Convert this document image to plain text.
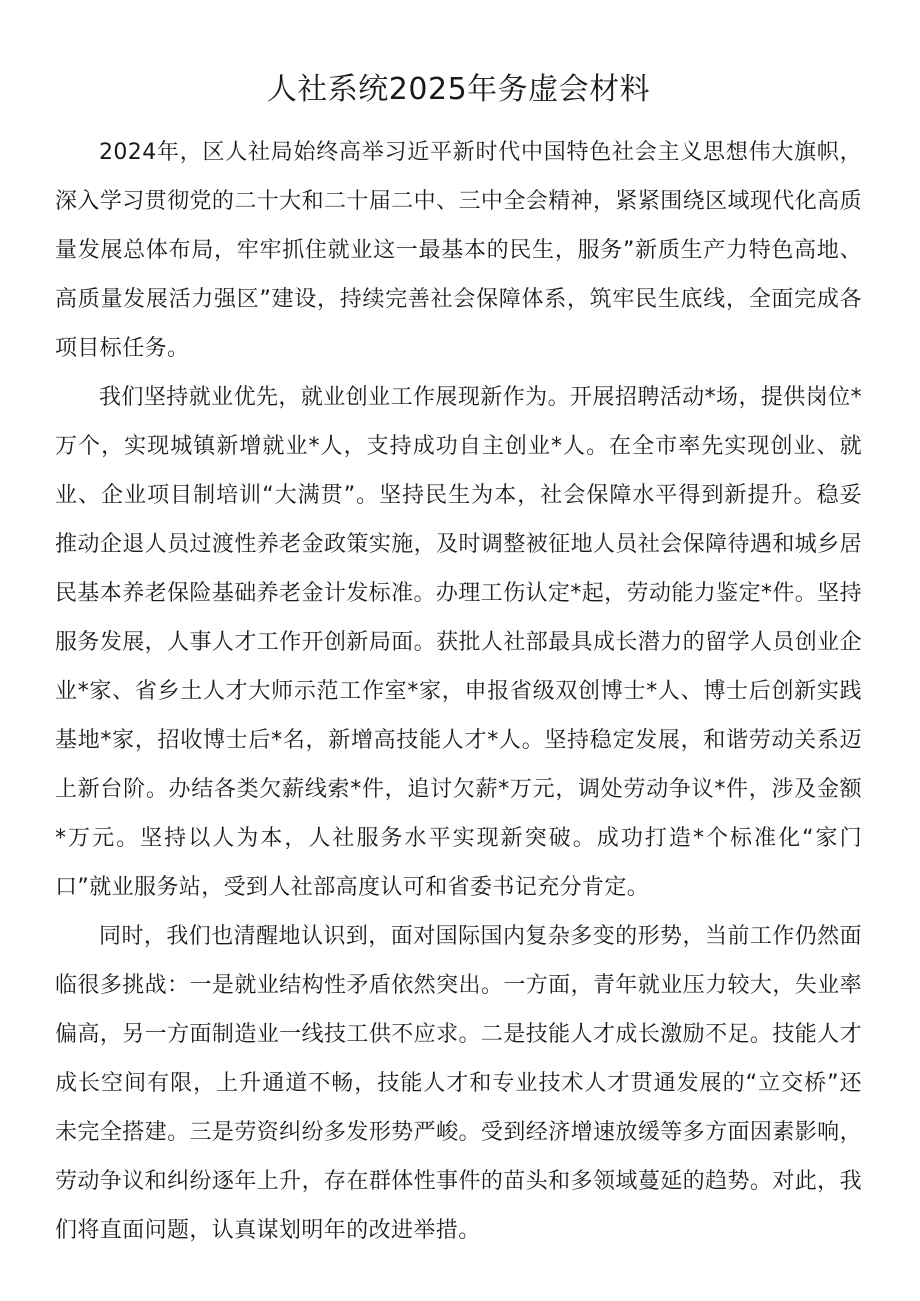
人社系统2025年务虚会材料

2024年，区人社局始终高举习近平新时代中国特色社会主义思想伟大旗帜，深入学习贯彻党的二十大和二十届二中、三中全会精神，紧紧围绕区域现代化高质量发展总体布局，牢牢抓住就业这一最基本的民生，服务”新质生产力特色高地、高质量发展活力强区”建设，持续完善社会保障体系，筑牢民生底线，全面完成各项目标任务。

我们坚持就业优先，就业创业工作展现新作为。开展招聘活动*场，提供岗位*万个，实现城镇新增就业*人，支持成功自主创业*人。在全市率先实现创业、就业、企业项目制培训“大满贯”。坚持民生为本，社会保障水平得到新提升。稳妥推动企退人员过渡性养老金政策实施，及时调整被征地人员社会保障待遇和城乡居民基本养老保险基础养老金计发标准。办理工伤认定*起，劳动能力鉴定*件。坚持服务发展，人事人才工作开创新局面。获批人社部最具成长潜力的留学人员创业企业*家、省乡土人才大师示范工作室*家，申报省级双创博士*人、博士后创新实践基地*家，招收博士后*名，新增高技能人才*人。坚持稳定发展，和谐劳动关系迈上新台阶。办结各类欠薪线索*件，追讨欠薪*万元，调处劳动争议*件，涉及金额*万元。坚持以人为本，人社服务水平实现新突破。成功打造*个标准化“家门口”就业服务站，受到人社部高度认可和省委书记充分肯定。

同时，我们也清醒地认识到，面对国际国内复杂多变的形势，当前工作仍然面临很多挑战：一是就业结构性矛盾依然突出。一方面，青年就业压力较大，失业率偏高，另一方面制造业一线技工供不应求。二是技能人才成长激励不足。技能人才成长空间有限，上升通道不畅，技能人才和专业技术人才贯通发展的“立交桥”还未完全搭建。三是劳资纠纷多发形势严峻。受到经济增速放缓等多方面因素影响，劳动争议和纠纷逐年上升，存在群体性事件的苗头和多领域蔓延的趋势。对此，我们将直面问题，认真谋划明年的改进举措。
